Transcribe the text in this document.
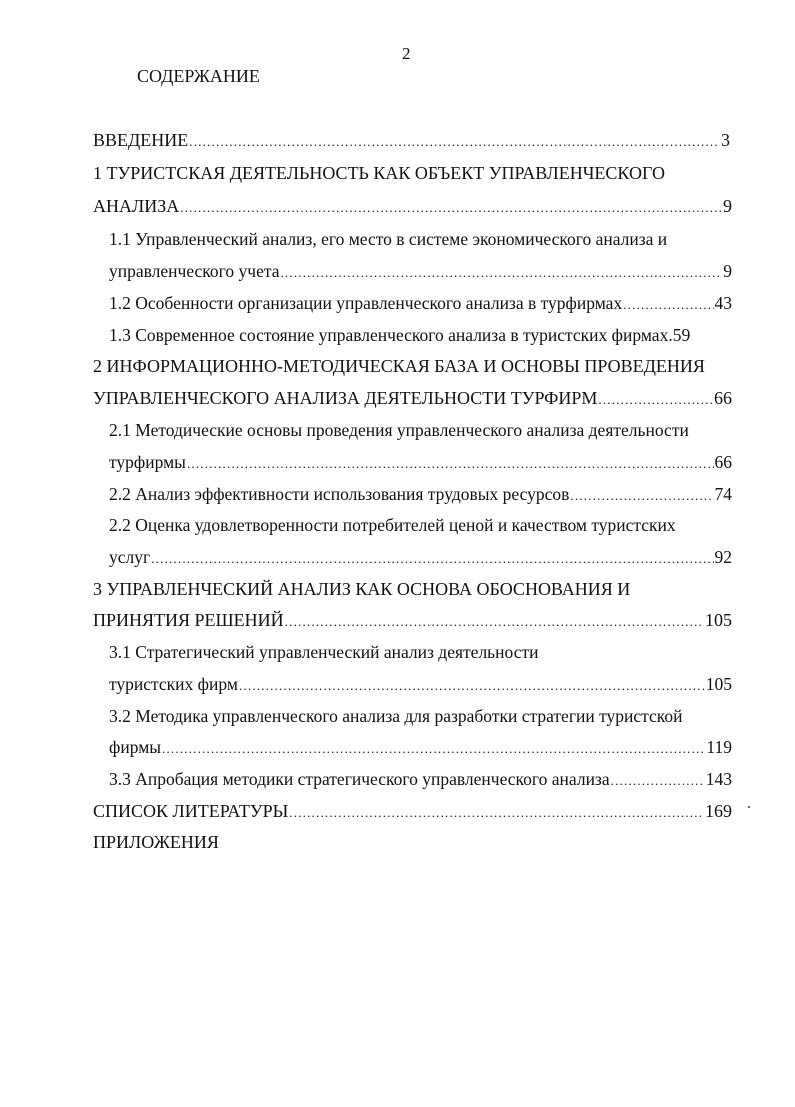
2
СОДЕРЖАНИЕ
ВВЕДЕНИЕ .....	3
1 ТУРИСТСКАЯ ДЕЯТЕЛЬНОСТЬ КАК ОБЪЕКТ УПРАВЛЕНЧЕСКОГО
АНАЛИЗА .....	9
1.1 Управленческий анализ, его место в системе экономического анализа и
управленческого учета .....	9
1.2 Особенности организации управленческого анализа в турфирмах .....	43
1.3 Современное состояние управленческого анализа в туристских фирмах .59
2 ИНФОРМАЦИОННО-МЕТОДИЧЕСКАЯ БАЗА И ОСНОВЫ ПРОВЕДЕНИЯ
УПРАВЛЕНЧЕСКОГО АНАЛИЗА ДЕЯТЕЛЬНОСТИ ТУРФИРМ .....	66
2.1 Методические основы проведения управленческого анализа деятельности
турфирмы .....	66
2.2 Анализ эффективности использования трудовых ресурсов .....	74
2.2 Оценка удовлетворенности потребителей ценой и качеством туристских
услуг .....	92
3 УПРАВЛЕНЧЕСКИЙ АНАЛИЗ КАК ОСНОВА ОБОСНОВАНИЯ И
ПРИНЯТИЯ РЕШЕНИЙ .....	105
3.1 Стратегический управленческий анализ деятельности
туристских фирм .....	105
3.2 Методика управленческого анализа для разработки стратегии туристской
фирмы .....	119
3.3 Апробация методики стратегического управленческого анализа .....	143
СПИСОК ЛИТЕРАТУРЫ .....	169
ПРИЛОЖЕНИЯ
